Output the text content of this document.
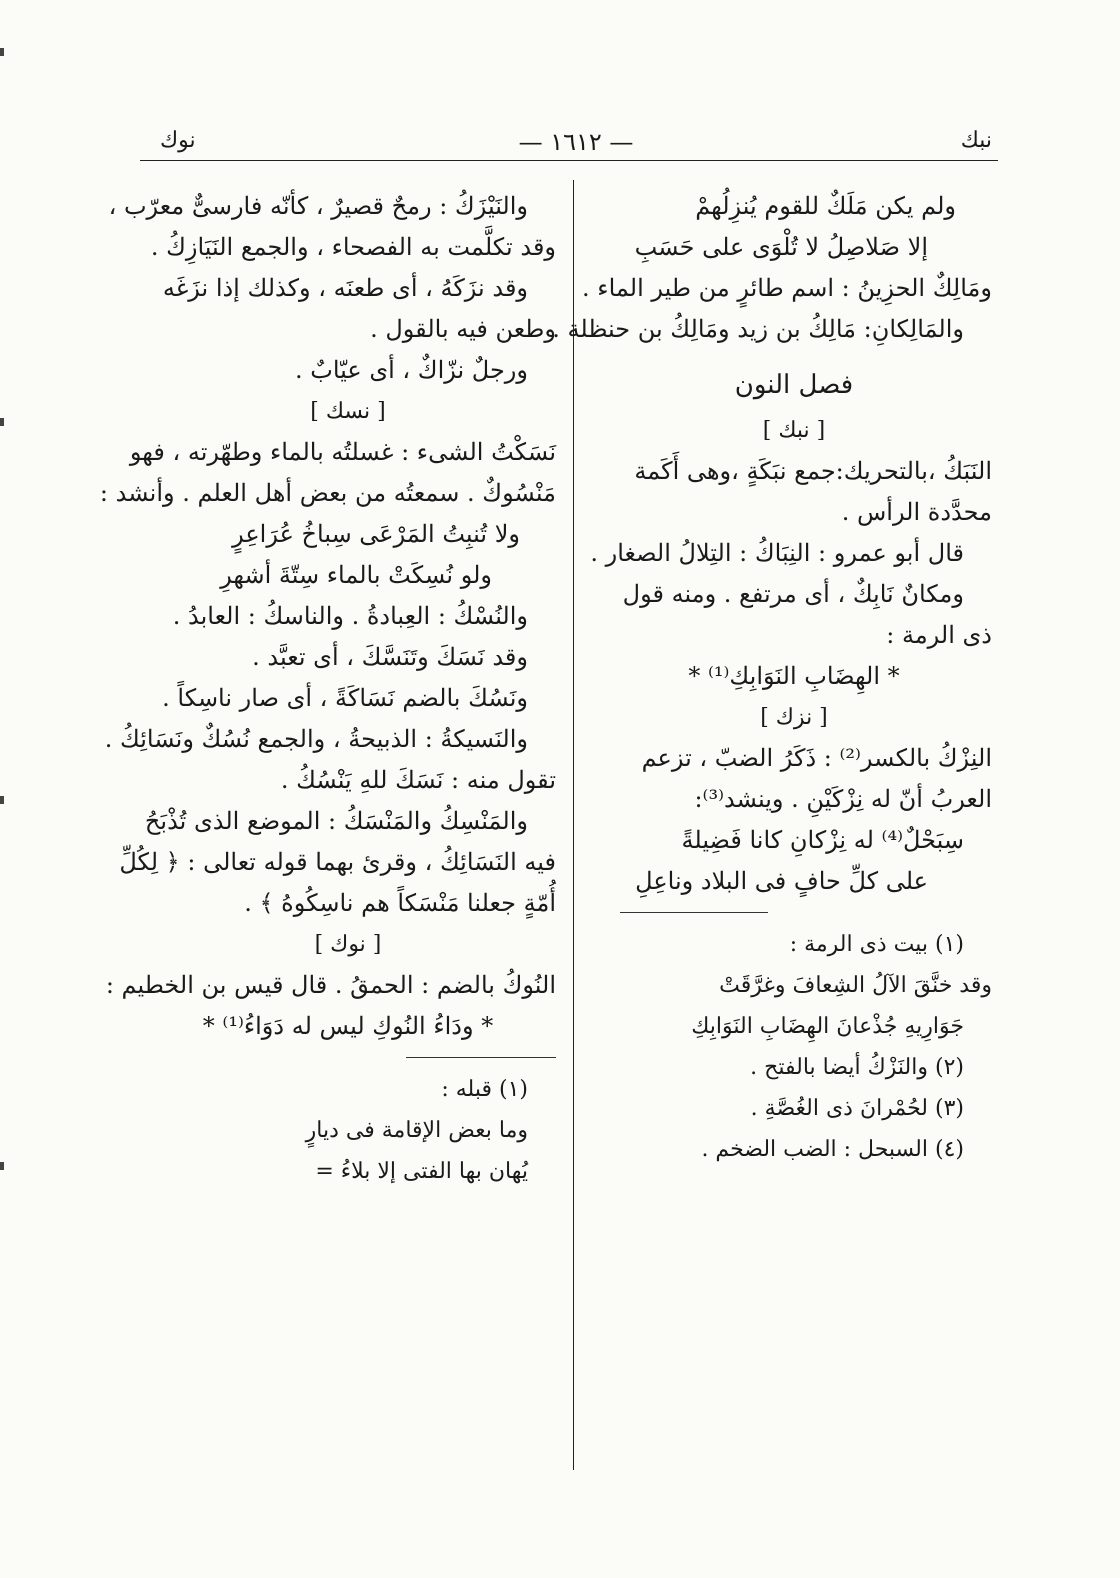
نبك
— ١٦١٢ —
نوك
ولم يكن مَلَكٌ للقوم يُنزِلُهمْ
إلا صَلاصِلُ لا تُلْوَى على حَسَبِ
ومَالِكٌ الحزِينُ : اسم طائرٍ من طير الماء .
والمَالِكانِ: مَالِكُ بن زيد ومَالِكُ بن حنظلة .
فصل النون
[ نبك ]
النَبَكُ ،بالتحريك:جمع نبَكَةٍ ،وهى أَكَمة
محدَّدة الرأس .
قال أبو عمرو : النِبَاكُ : التِلالُ الصغار .
ومكانٌ نَابِكٌ ، أى مرتفع . ومنه قول
ذى الرمة :
* الهِضَابِ النَوَابِكِ⁽¹⁾ *
[ نزك ]
النِزْكُ بالكسر⁽²⁾ : ذَكَرُ الضبّ ، تزعم
العربُ أنّ له نِزْكَيْنِ . وينشد⁽³⁾:
سِبَحْلٌ⁽⁴⁾ له نِزْكانِ كانا فَضِيلةً
على كلِّ حافٍ فى البلاد وناعِلِ
(١) بيت ذى الرمة :
وقد خنَّقَ الآلُ الشِعافَ وغرَّقَتْ
جَوَارِيهِ جُذْعانَ الهِضَابِ النَوَابِكِ
(٢) والنَزْكُ أيضا بالفتح .
(٣) لحُمْرانَ ذى الغُصَّةِ .
(٤) السبحل : الضب الضخم .
والنَيْزَكُ : رمحٌ قصيرٌ ، كأنّه فارسىٌّ معرّب ،
وقد تكلَّمت به الفصحاء ، والجمع النَيَازِكُ .
وقد نزَكَهُ ، أى طعنَه ، وكذلك إذا نزَغَه
وطعن فيه بالقول .
ورجلٌ نزّاكٌ ، أى عيّابٌ .
[ نسك ]
نَسَكْتُ الشىء : غسلتُه بالماء وطهّرته ، فهو
مَنْسُوكٌ . سمعتُه من بعض أهل العلم . وأنشد :
ولا تُنبِتُ المَرْعَى سِباخُ عُرَاعِرٍ
ولو نُسِكَتْ بالماء سِتّةَ أشهرِ
والنُسْكُ : العِبادةُ . والناسكُ : العابدُ .
وقد نَسَكَ وتَنَسَّكَ ، أى تعبَّد .
ونَسُكَ بالضم نَسَاكَةً ، أى صار ناسِكاً .
والنَسيكةُ : الذبيحةُ ، والجمع نُسُكٌ ونَسَائِكُ .
تقول منه : نَسَكَ للهِ يَنْسُكُ .
والمَنْسِكُ والمَنْسَكُ : الموضع الذى تُذْبَحُ
فيه النَسَائِكُ ، وقرئ بهما قوله تعالى : ﴿ لِكُلِّ
أُمّةٍ جعلنا مَنْسَكاً هم ناسِكُوهُ ﴾ .
[ نوك ]
النُوكُ بالضم : الحمقُ . قال قيس بن الخطيم :
* ودَاءُ النُوكِ ليس له دَوَاءُ⁽¹⁾ *
(١) قبله :
وما بعض الإقامة فى ديارٍ
يُهان بها الفتى إلا بلاءُ =
